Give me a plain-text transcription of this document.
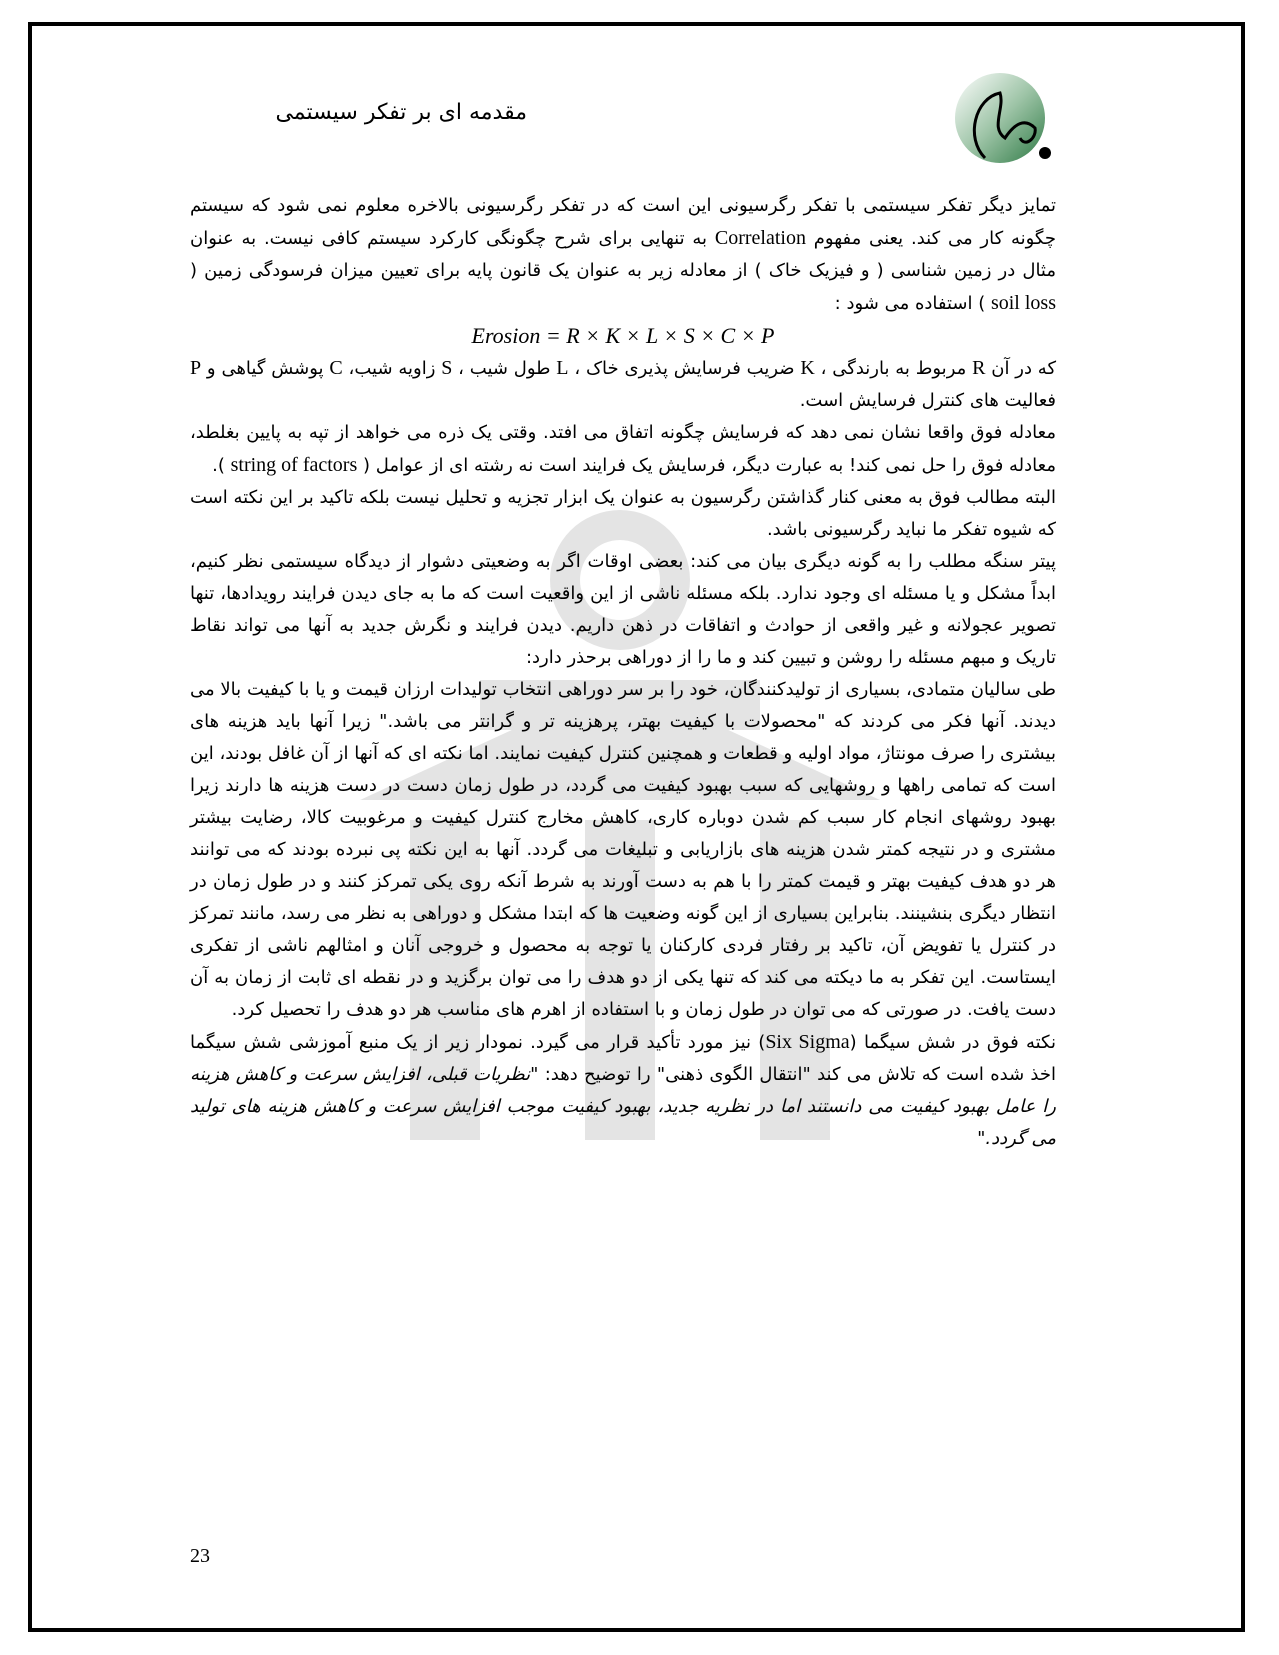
مقدمه ای بر تفکر سیستمی

تمایز دیگر تفکر سیستمی با تفکر رگرسیونی این است که در تفکر رگرسیونی بالاخره معلوم نمی شود که سیستم چگونه کار می کند. یعنی مفهوم Correlation به تنهایی برای شرح چگونگی کارکرد سیستم کافی نیست. به عنوان مثال در زمین شناسی ( و فیزیک خاک ) از معادله زیر به عنوان یک قانون پایه برای تعیین میزان فرسودگی زمین ( soil loss ) استفاده می شود :

Erosion = R × K × L × S × C × P

که در آن R مربوط به بارندگی ، K ضریب فرسایش پذیری خاک ، L طول شیب ، S زاویه شیب، C پوشش گیاهی و P فعالیت های کنترل فرسایش است.

معادله فوق واقعا نشان نمی دهد که فرسایش چگونه اتفاق می افتد. وقتی یک ذره می خواهد از تپه به پایین بغلطد، معادله فوق را حل نمی کند! به عبارت دیگر، فرسایش یک فرایند است نه رشته ای از عوامل ( string of factors ).

البته مطالب فوق به معنی کنار گذاشتن رگرسیون به عنوان یک ابزار تجزیه و تحلیل نیست بلکه تاکید بر این نکته است که شیوه تفکر ما نباید رگرسیونی باشد.

پیتر سنگه مطلب را به گونه دیگری بیان می کند: بعضی اوقات اگر به وضعیتی دشوار از دیدگاه سیستمی نظر کنیم، ابداً مشکل و یا مسئله ای وجود ندارد. بلکه مسئله ناشی از این واقعیت است که ما به جای دیدن فرایند رویدادها، تنها تصویر عجولانه و غیر واقعی از حوادث و اتفاقات در ذهن داریم. دیدن فرایند و نگرش جدید به آنها می تواند نقاط تاریک و مبهم مسئله را روشن و تبیین کند و ما را از دوراهی برحذر دارد:

طی سالیان متمادی، بسیاری از تولیدکنندگان، خود را بر سر دوراهی انتخاب تولیدات ارزان قیمت و یا با کیفیت بالا می دیدند. آنها فکر می کردند که "محصولات با کیفیت بهتر، پرهزینه تر و گرانتر می باشد." زیرا آنها باید هزینه های بیشتری را صرف مونتاژ، مواد اولیه و قطعات و همچنین کنترل کیفیت نمایند. اما نکته ای که آنها از آن غافل بودند، این است که تمامی راهها و روشهایی که سبب بهبود کیفیت می گردد، در طول زمان دست در دست هزینه ها دارند زیرا بهبود روشهای انجام کار سبب کم شدن دوباره کاری، کاهش مخارج کنترل کیفیت و مرغوبیت کالا، رضایت بیشتر مشتری و در نتیجه کمتر شدن هزینه های بازاریابی و تبلیغات می گردد. آنها به این نکته پی نبرده بودند که می توانند هر دو هدف کیفیت بهتر و قیمت کمتر را با هم به دست آورند به شرط آنکه روی یکی تمرکز کنند و در طول زمان در انتظار دیگری بنشینند. بنابراین بسیاری از این گونه وضعیت ها که ابتدا مشکل و دوراهی به نظر می رسد، مانند تمرکز در کنترل یا تفویض آن، تاکید بر رفتار فردی کارکنان یا توجه به محصول و خروجی آنان و امثالهم ناشی از تفکری ایستاست. این تفکر به ما دیکته می کند که تنها یکی از دو هدف را می توان برگزید و در نقطه ای ثابت از زمان به آن دست یافت. در صورتی که می توان در طول زمان و با استفاده از اهرم های مناسب هر دو هدف را تحصیل کرد.

نکته فوق در شش سیگما (Six Sigma) نیز مورد تأکید قرار می گیرد. نمودار زیر از یک منبع آموزشی شش سیگما اخذ شده است که تلاش می کند "انتقال الگوی ذهنی" را توضیح دهد: "نظریات قبلی، افزایش سرعت و کاهش هزینه را عامل بهبود کیفیت می دانستند اما در نظریه جدید، بهبود کیفیت موجب افزایش سرعت و کاهش هزینه های تولید می گردد."

23
